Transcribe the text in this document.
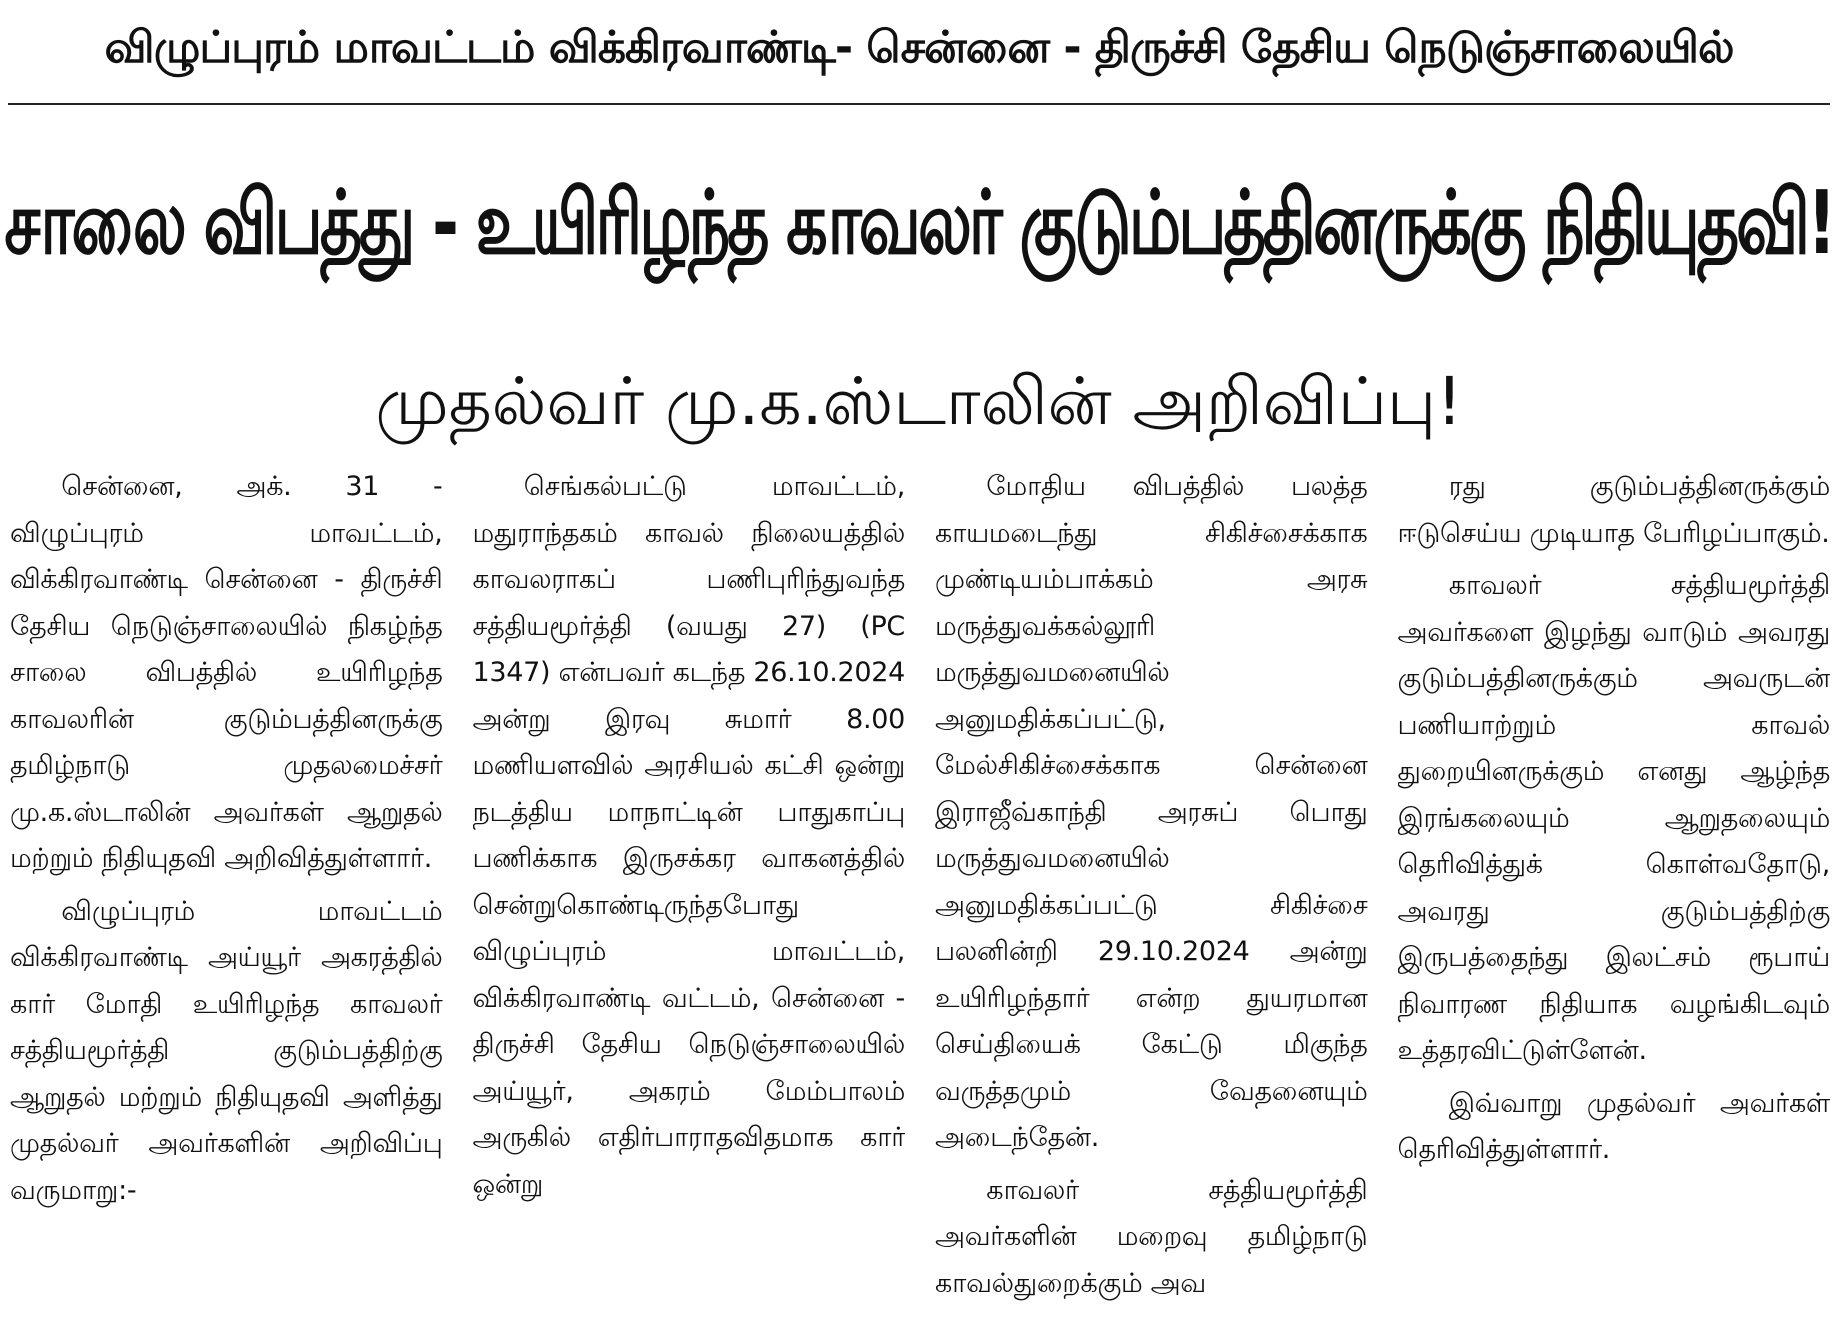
விழுப்புரம் மாவட்டம் விக்கிரவாண்டி- சென்னை - திருச்சி தேசிய நெடுஞ்சாலையில்
சாலை விபத்து - உயிரிழந்த காவலர் குடும்பத்தினருக்கு நிதியுதவி!
முதல்வர் மு.க.ஸ்டாலின் அறிவிப்பு!

சென்னை, அக். 31 - விழுப்புரம் மாவட்டம், விக்கிரவாண்டி சென்னை - திருச்சி தேசிய நெடுஞ்சாலையில் நிகழ்ந்த சாலை விபத்தில் உயிரிழந்த காவலரின் குடும்பத்தினருக்கு தமிழ்நாடு முதலமைச்சர் மு.க.ஸ்டாலின் அவர்கள் ஆறுதல் மற்றும் நிதியுதவி அறிவித்துள்ளார்.

விழுப்புரம் மாவட்டம் விக்கிரவாண்டி அய்யூர் அகரத்தில் கார் மோதி உயிரிழந்த காவலர் சத்தியமூர்த்தி குடும்பத்திற்கு ஆறுதல் மற்றும் நிதியுதவி அளித்து முதல்வர் அவர்களின் அறிவிப்பு வருமாறு:-

செங்கல்பட்டு மாவட்டம், மதுராந்தகம் காவல் நிலையத்தில் காவலராகப் பணிபுரிந்துவந்த சத்தியமூர்த்தி (வயது 27) (PC 1347) என்பவர் கடந்த 26.10.2024 அன்று இரவு சுமார் 8.00 மணியளவில் அரசியல் கட்சி ஒன்று நடத்திய மாநாட்டின் பாதுகாப்பு பணிக்காக இருசக்கர வாகனத்தில் சென்றுகொண்டிருந்தபோது விழுப்புரம் மாவட்டம், விக்கிரவாண்டி வட்டம், சென்னை - திருச்சி தேசிய நெடுஞ்சாலையில் அய்யூர், அகரம் மேம்பாலம் அருகில் எதிர்பாராதவிதமாக கார் ஒன்று

மோதிய விபத்தில் பலத்த காயமடைந்து சிகிச்சைக்காக முண்டியம்பாக்கம் அரசு மருத்துவக்கல்லூரி மருத்துவமனையில் அனுமதிக்கப்பட்டு, மேல்சிகிச்சைக்காக சென்னை இராஜீவ்காந்தி அரசுப் பொது மருத்துவமனையில் அனுமதிக்கப்பட்டு சிகிச்சை பலனின்றி 29.10.2024 அன்று உயிரிழந்தார் என்ற துயரமான செய்தியைக் கேட்டு மிகுந்த வருத்தமும் வேதனையும் அடைந்தேன்.

காவலர் சத்தியமூர்த்தி அவர்களின் மறைவு தமிழ்நாடு காவல்துறைக்கும் அவ

ரது குடும்பத்தினருக்கும் ஈடுசெய்ய முடியாத பேரிழப்பாகும்.

காவலர் சத்தியமூர்த்தி அவர்களை இழந்து வாடும் அவரது குடும்பத்தினருக்கும் அவருடன் பணியாற்றும் காவல் துறையினருக்கும் எனது ஆழ்ந்த இரங்கலையும் ஆறுதலையும் தெரிவித்துக் கொள்வதோடு, அவரது குடும்பத்திற்கு இருபத்தைந்து இலட்சம் ரூபாய் நிவாரண நிதியாக வழங்கிடவும் உத்தரவிட்டுள்ளேன்.

இவ்வாறு முதல்வர் அவர்கள் தெரிவித்துள்ளார்.
